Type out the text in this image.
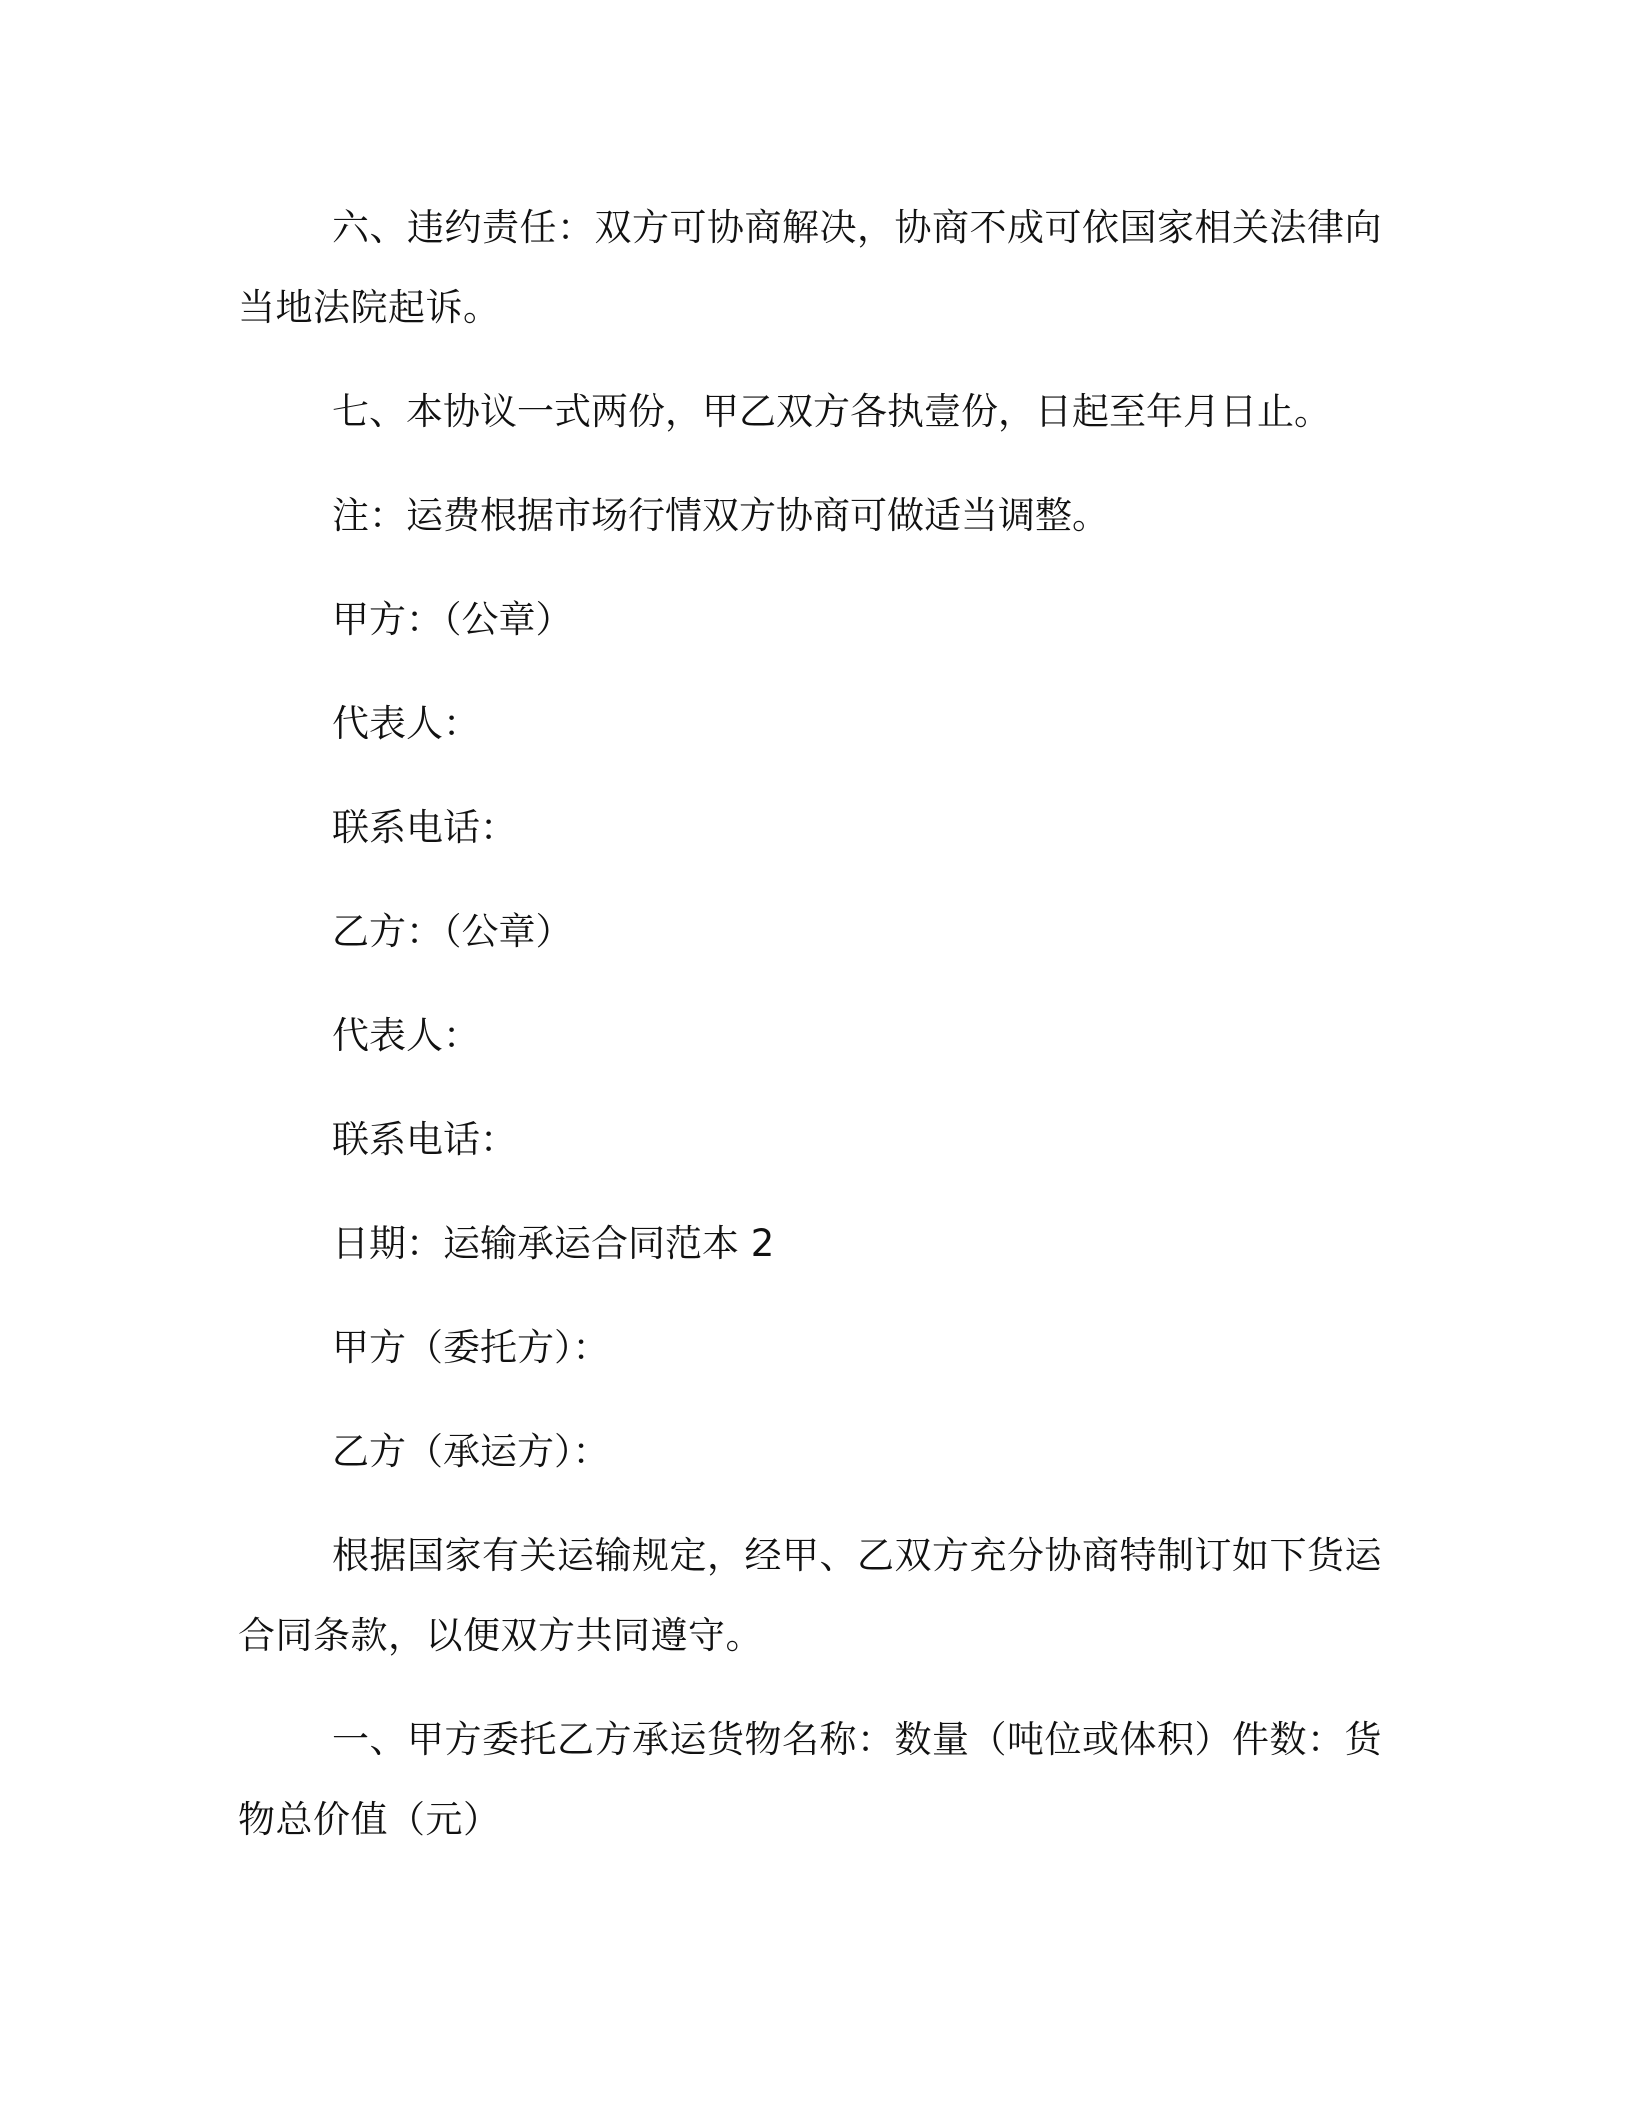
六、违约责任：双方可协商解决，协商不成可依国家相关法律向当地法院起诉。

七、本协议一式两份，甲乙双方各执壹份，日起至年月日止。

注：运费根据市场行情双方协商可做适当调整。

甲方：（公章）

代表人：

联系电话：

乙方：（公章）

代表人：

联系电话：

日期：运输承运合同范本 2

甲方（委托方）：

乙方（承运方）：

根据国家有关运输规定，经甲、乙双方充分协商特制订如下货运合同条款，以便双方共同遵守。

一、甲方委托乙方承运货物名称：数量（吨位或体积）件数：货物总价值（元）
